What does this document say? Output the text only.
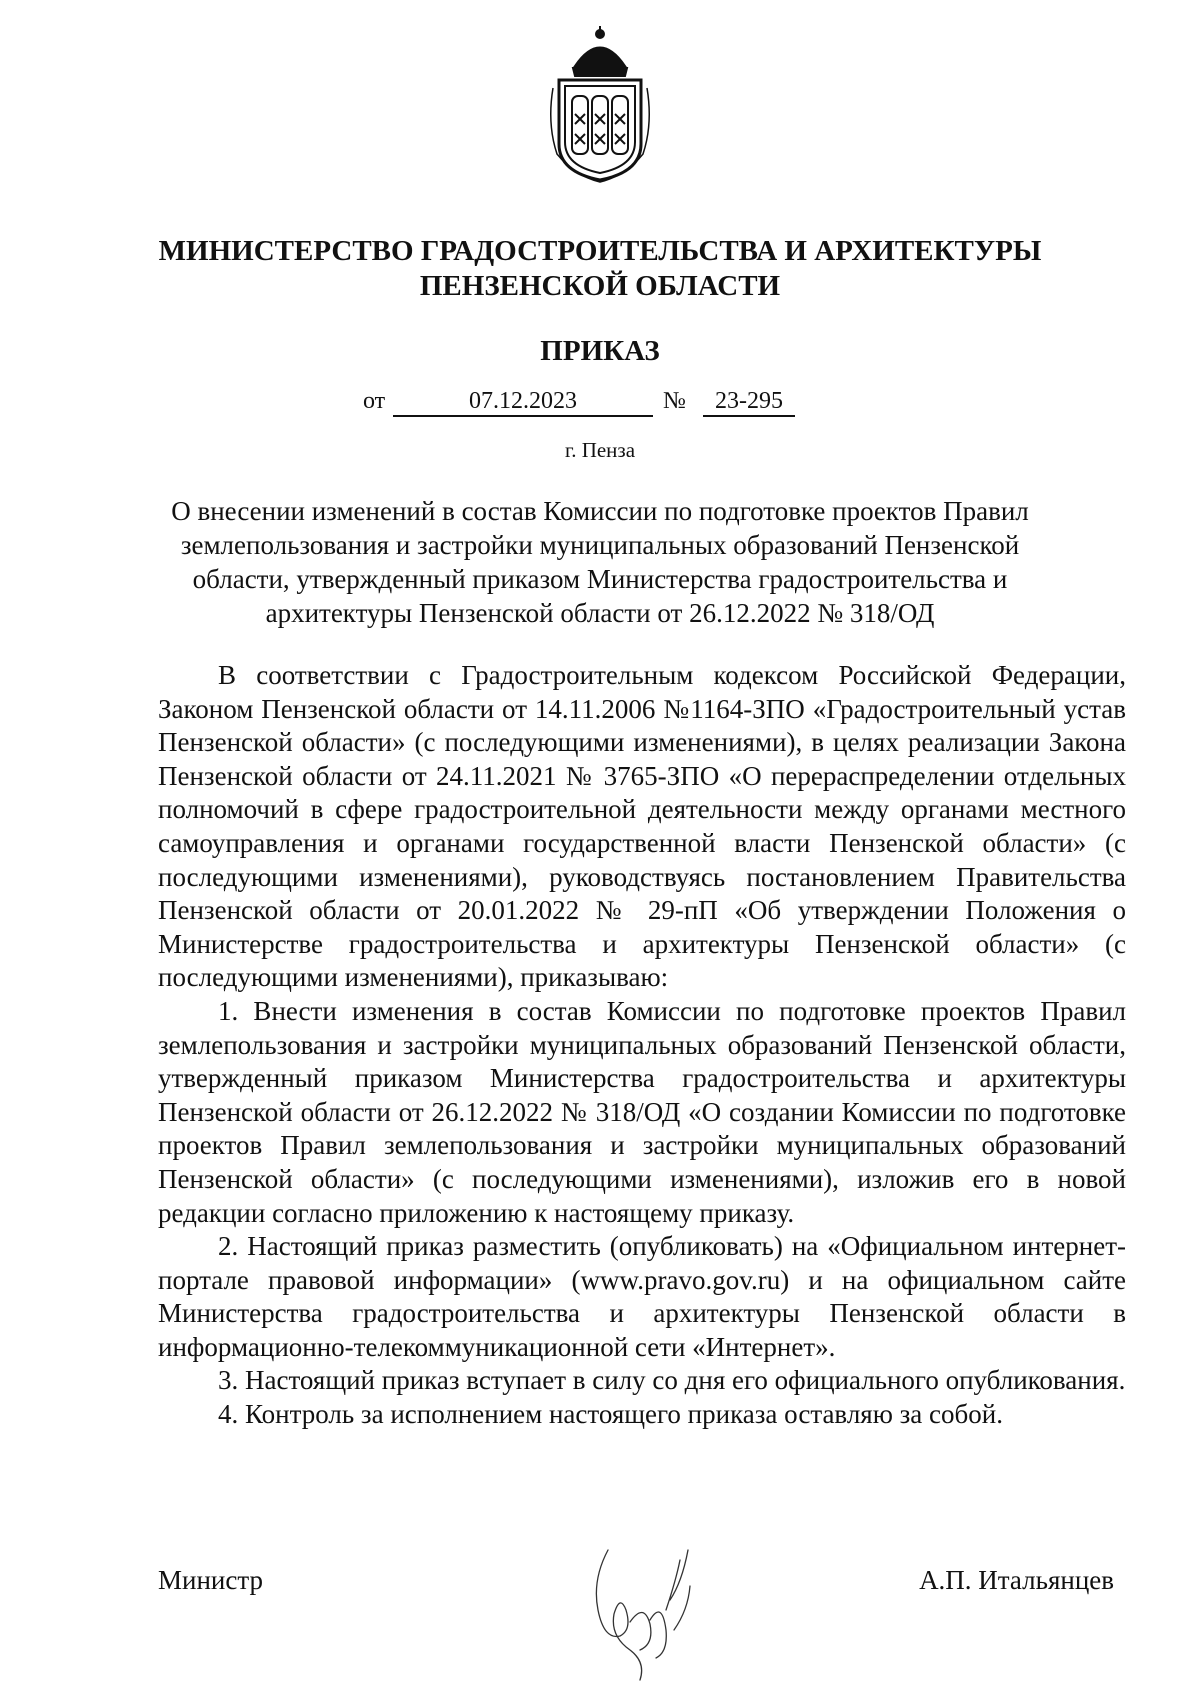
МИНИСТЕРСТВО ГРАДОСТРОИТЕЛЬСТВА И АРХИТЕКТУРЫ
ПЕНЗЕНСКОЙ ОБЛАСТИ
ПРИКАЗ
от	07.12.2023	№	23-295
г. Пенза
О внесении изменений в состав Комиссии по подготовке проектов Правил
землепользования и застройки муниципальных образований Пензенской
области, утвержденный приказом Министерства градостроительства и
архитектуры Пензенской области от 26.12.2022 № 318/ОД

В соответствии с Градостроительным кодексом Российской Федерации, Законом Пензенской области от 14.11.2006 №1164-ЗПО «Градостроительный устав Пензенской области» (с последующими изменениями), в целях реализации Закона Пензенской области от 24.11.2021 № 3765-ЗПО «О перераспределении отдельных полномочий в сфере градостроительной деятельности между органами местного самоуправления и органами государственной власти Пензенской области» (с последующими изменениями), руководствуясь постановлением Правительства Пензенской области от 20.01.2022 № 29-пП «Об утверждении Положения о Министерстве градостроительства и архитектуры Пензенской области» (с последующими изменениями), приказываю:

1. Внести изменения в состав Комиссии по подготовке проектов Правил землепользования и застройки муниципальных образований Пензенской области, утвержденный приказом Министерства градостроительства и архитектуры Пензенской области от 26.12.2022 № 318/ОД «О создании Комиссии по подготовке проектов Правил землепользования и застройки муниципальных образований Пензенской области» (с последующими изменениями), изложив его в новой редакции согласно приложению к настоящему приказу.

2. Настоящий приказ разместить (опубликовать) на «Официальном интернет-портале правовой информации» (www.pravo.gov.ru) и на официальном сайте Министерства градостроительства и архитектуры Пензенской области в информационно-телекоммуникационной сети «Интернет».

3. Настоящий приказ вступает в силу со дня его официального опубликования.

4. Контроль за исполнением настоящего приказа оставляю за собой.

Министр	А.П. Итальянцев
